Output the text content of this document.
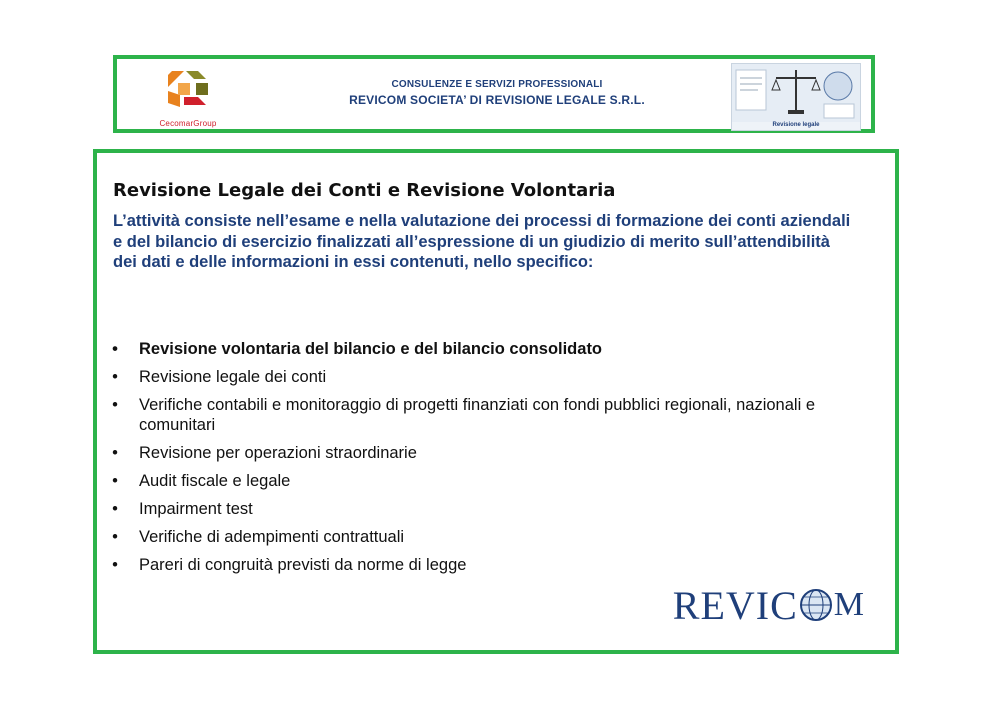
CecomarGroup
CONSULENZE E SERVIZI PROFESSIONALI
REVICOM SOCIETA’ DI REVISIONE LEGALE S.R.L.
Revisione legale
Revisione Legale dei Conti e Revisione Volontaria

L’attività consiste nell’esame e nella valutazione dei processi di formazione dei conti aziendali e del bilancio di esercizio finalizzati all’espressione di un giudizio di merito sull’attendibilità dei dati e delle informazioni in essi contenuti, nello specifico:

•	Revisione volontaria del bilancio e del bilancio consolidato
•	Revisione legale dei conti
•	Verifiche contabili e monitoraggio di progetti finanziati con fondi pubblici regionali, nazionali e comunitari
•	Revisione per operazioni straordinarie
•	Audit fiscale e legale
•	Impairment test
•	Verifiche di adempimenti contrattuali
•	Pareri di congruità previsti da norme di legge
REVIC M
